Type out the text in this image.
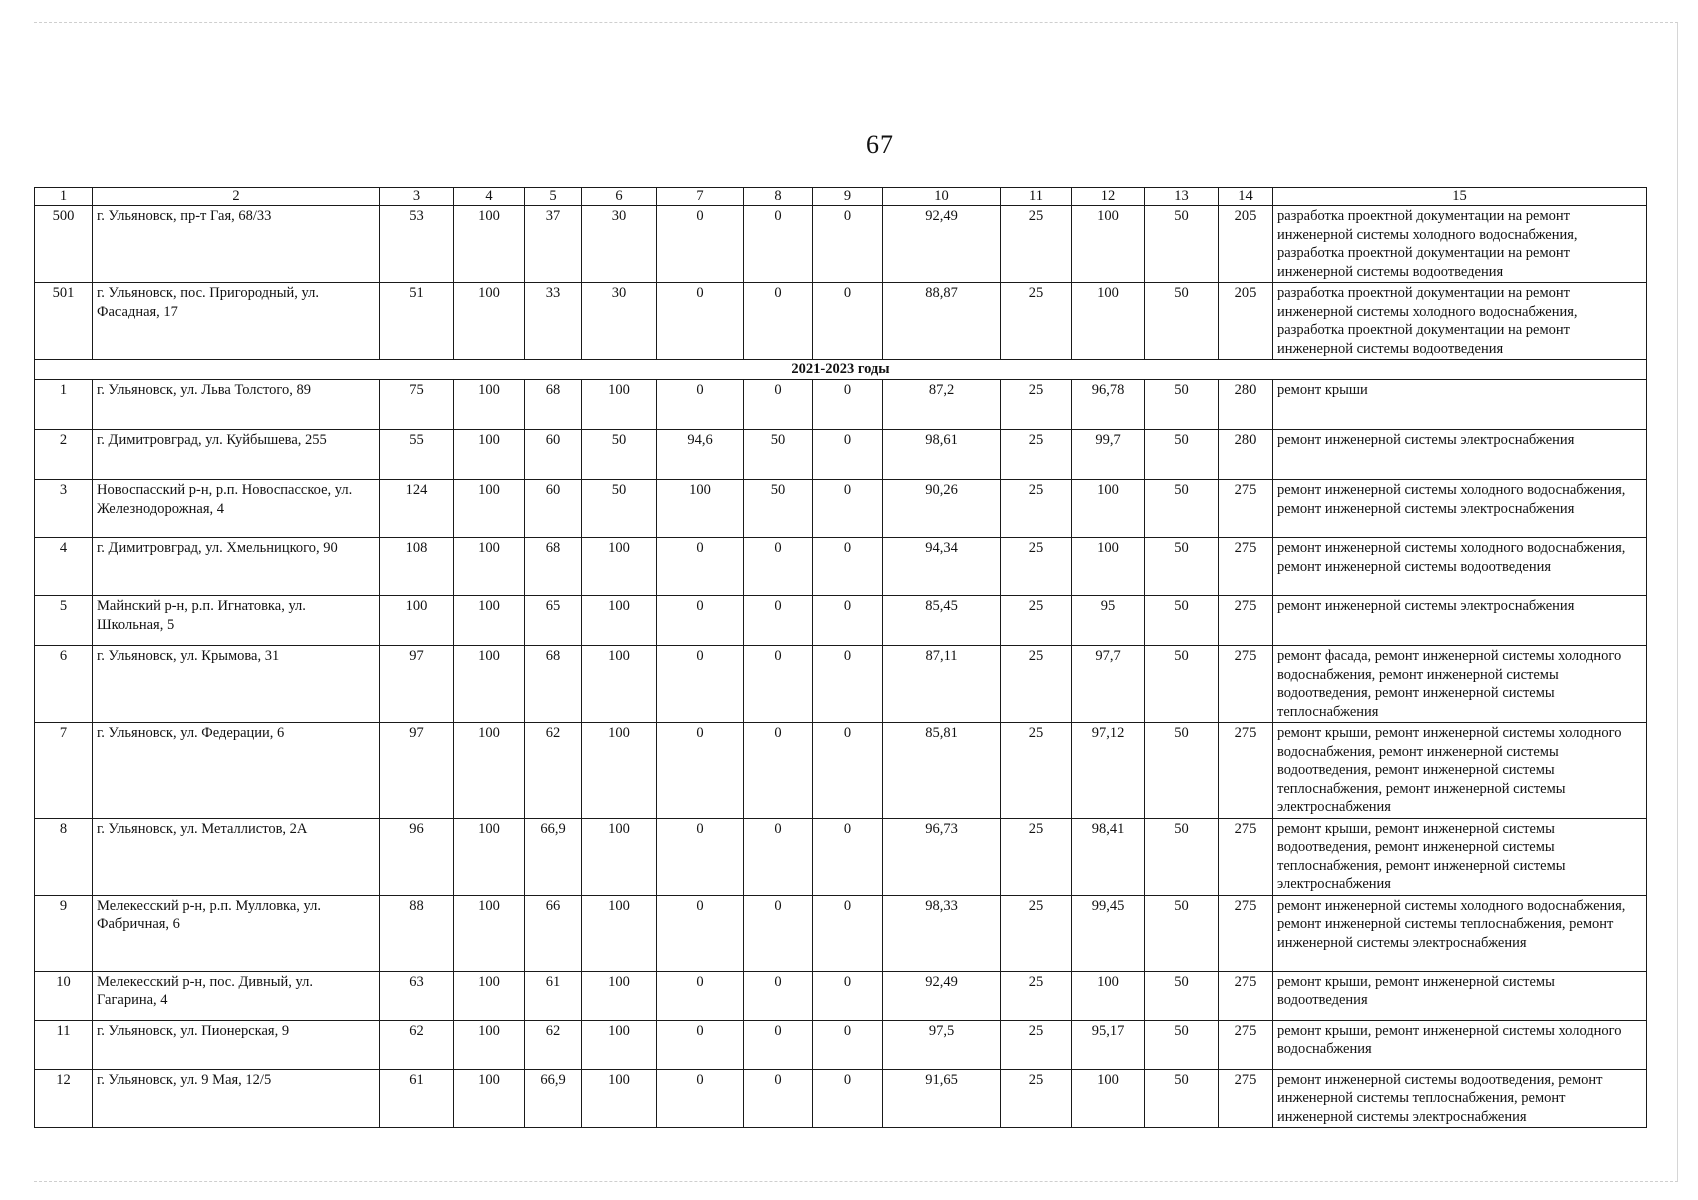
67
1	2	3	4	5	6	7	8	9	10	11	12	13	14	15
500	г. Ульяновск, пр-т Гая, 68/33	53	100	37	30	0	0	0	92,49	25	100	50	205	разработка проектной документации на ремонт инженерной системы холодного водоснабжения, разработка проектной документации на ремонт инженерной системы водоотведения
501	г. Ульяновск, пос. Пригородный, ул. Фасадная, 17	51	100	33	30	0	0	0	88,87	25	100	50	205	разработка проектной документации на ремонт инженерной системы холодного водоснабжения, разработка проектной документации на ремонт инженерной системы водоотведения
2021-2023 годы														
1	г. Ульяновск, ул. Льва Толстого, 89	75	100	68	100	0	0	0	87,2	25	96,78	50	280	ремонт крыши
2	г. Димитровград, ул. Куйбышева, 255	55	100	60	50	94,6	50	0	98,61	25	99,7	50	280	ремонт инженерной системы электроснабжения
3	Новоспасский р-н, р.п. Новоспасское, ул. Железнодорожная, 4	124	100	60	50	100	50	0	90,26	25	100	50	275	ремонт инженерной системы холодного водоснабжения, ремонт инженерной системы электроснабжения
4	г. Димитровград, ул. Хмельницкого, 90	108	100	68	100	0	0	0	94,34	25	100	50	275	ремонт инженерной системы холодного водоснабжения, ремонт инженерной системы водоотведения
5	Майнский р-н, р.п. Игнатовка, ул. Школьная, 5	100	100	65	100	0	0	0	85,45	25	95	50	275	ремонт инженерной системы электроснабжения
6	г. Ульяновск, ул. Крымова, 31	97	100	68	100	0	0	0	87,11	25	97,7	50	275	ремонт фасада, ремонт инженерной системы холодного водоснабжения, ремонт инженерной системы водоотведения, ремонт инженерной системы теплоснабжения
7	г. Ульяновск, ул. Федерации, 6	97	100	62	100	0	0	0	85,81	25	97,12	50	275	ремонт крыши, ремонт инженерной системы холодного водоснабжения, ремонт инженерной системы водоотведения, ремонт инженерной системы теплоснабжения, ремонт инженерной системы электроснабжения
8	г. Ульяновск, ул. Металлистов, 2А	96	100	66,9	100	0	0	0	96,73	25	98,41	50	275	ремонт крыши, ремонт инженерной системы водоотведения, ремонт инженерной системы теплоснабжения, ремонт инженерной системы электроснабжения
9	Мелекесский р-н, р.п. Мулловка, ул. Фабричная, 6	88	100	66	100	0	0	0	98,33	25	99,45	50	275	ремонт инженерной системы холодного водоснабжения, ремонт инженерной системы теплоснабжения, ремонт инженерной системы электроснабжения
10	Мелекесский р-н, пос. Дивный, ул. Гагарина, 4	63	100	61	100	0	0	0	92,49	25	100	50	275	ремонт крыши, ремонт инженерной системы водоотведения
11	г. Ульяновск, ул. Пионерская, 9	62	100	62	100	0	0	0	97,5	25	95,17	50	275	ремонт крыши, ремонт инженерной системы холодного водоснабжения
12	г. Ульяновск, ул. 9 Мая, 12/5	61	100	66,9	100	0	0	0	91,65	25	100	50	275	ремонт инженерной системы водоотведения, ремонт инженерной системы теплоснабжения, ремонт инженерной системы электроснабжения
